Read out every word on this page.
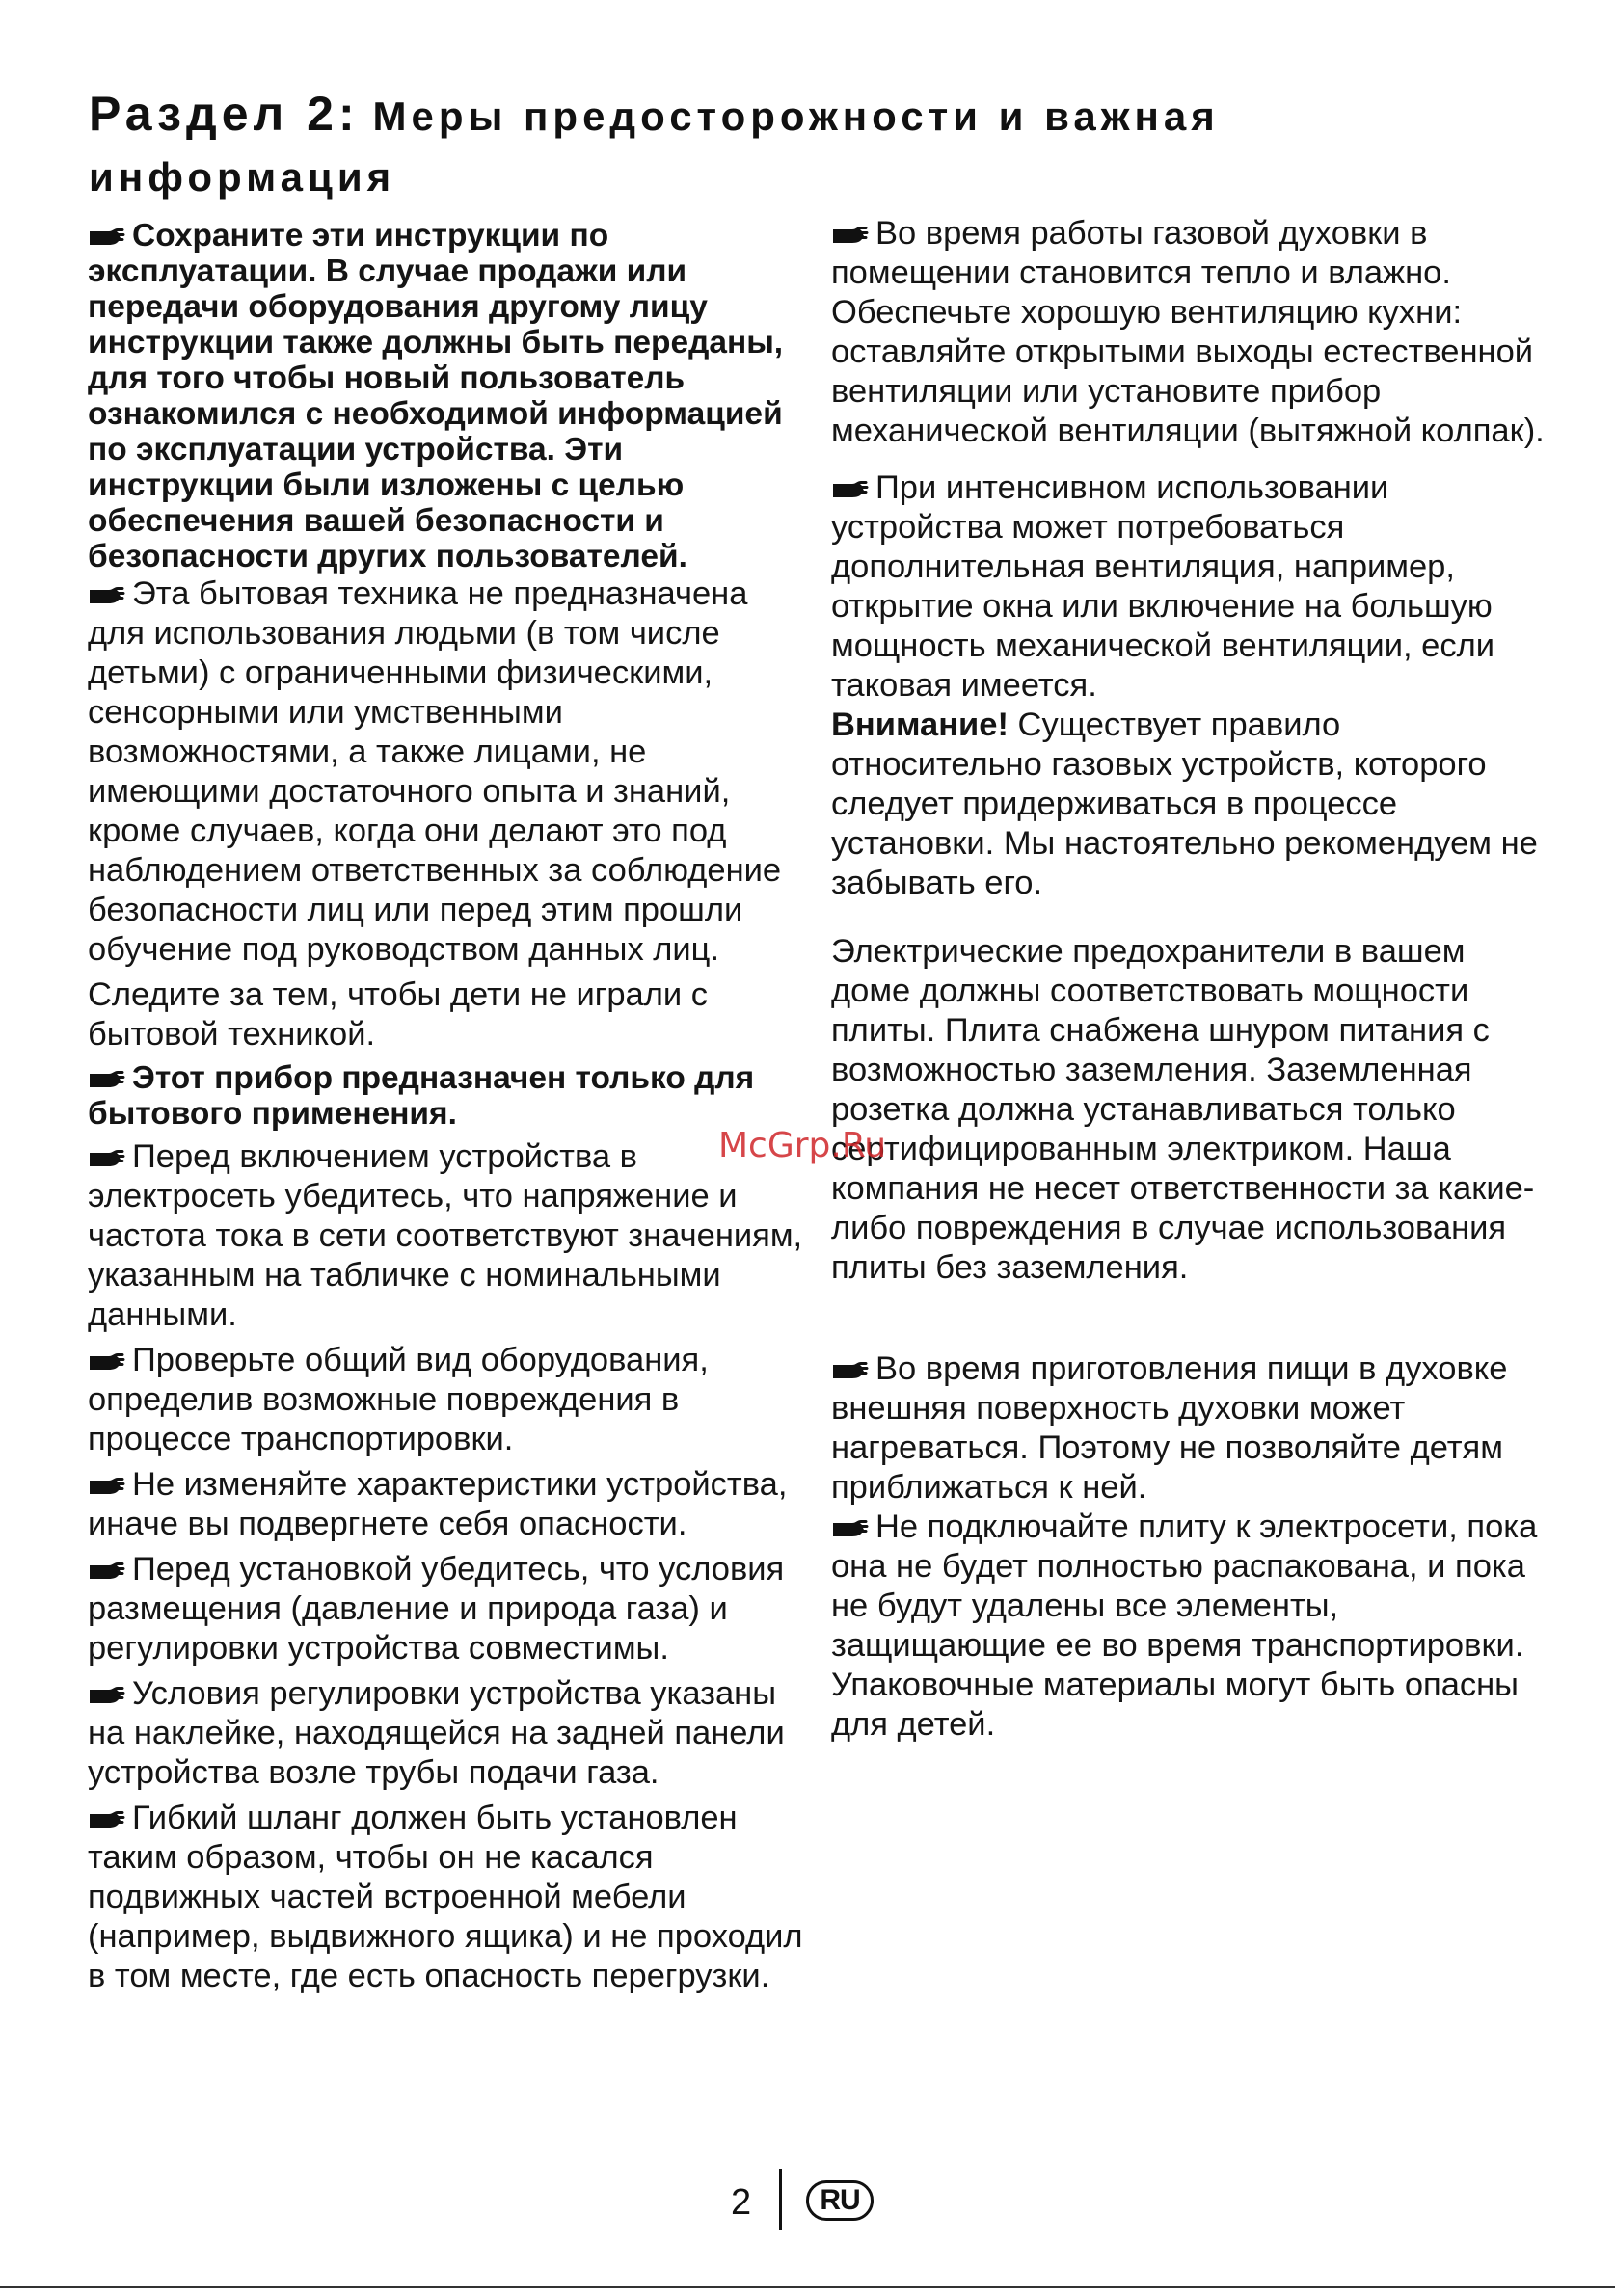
Раздел 2: Меры предосторожности и важная информация

Сохраните эти инструкции по эксплуатации. В случае продажи или передачи оборудования другому лицу инструкции также должны быть переданы, для того чтобы новый пользователь ознакомился с необходимой информацией по эксплуатации устройства. Эти инструкции были изложены с целью обеспечения вашей безопасности и безопасности других пользователей.

Эта бытовая техника не предназначена для использования людьми (в том числе детьми) с ограниченными физическими, сенсорными или умственными возможностями, а также лицами, не имеющими достаточного опыта и знаний, кроме случаев, когда они делают это под наблюдением ответственных за соблюдение безопасности лиц или перед этим прошли обучение под руководством данных лиц.

Следите за тем, чтобы дети не играли с бытовой техникой.

Этот прибор предназначен только для бытового применения.

Перед включением устройства в электросеть убедитесь, что напряжение и частота тока в сети соответствуют значениям, указанным на табличке с номинальными данными.

Проверьте общий вид оборудования, определив возможные повреждения в процессе транспортировки.

Не изменяйте характеристики устройства, иначе вы подвергнете себя опасности.

Перед установкой убедитесь, что условия размещения (давление и природа газа) и регулировки устройства совместимы.

Условия регулировки устройства указаны на наклейке, находящейся на задней панели устройства возле трубы подачи газа.

Гибкий шланг должен быть установлен таким образом, чтобы он не касался подвижных частей встроенной мебели (например, выдвижного ящика) и не проходил в том месте, где есть опасность перегрузки.

Во время работы газовой духовки в помещении становится тепло и влажно. Обеспечьте хорошую вентиляцию кухни: оставляйте открытыми выходы естественной вентиляции или установите прибор механической вентиляции (вытяжной колпак).

При интенсивном использовании устройства может потребоваться дополнительная вентиляция, например, открытие окна или включение на большую мощность механической вентиляции, если таковая имеется.

Внимание! Существует правило относительно газовых устройств, которого следует придерживаться в процессе установки. Мы настоятельно рекомендуем не забывать его.

Электрические предохранители в вашем доме должны соответствовать мощности плиты. Плита снабжена шнуром питания с возможностью заземления. Заземленная розетка должна устанавливаться только сертифицированным электриком. Наша компания не несет ответственности за какие-либо повреждения в случае использования плиты без заземления.

Во время приготовления пищи в духовке внешняя поверхность духовки может нагреваться. Поэтому не позволяйте детям приближаться к ней.

Не подключайте плиту к электросети, пока она не будет полностью распакована, и пока не будут удалены все элементы, защищающие ее во время транспортировки.

Упаковочные материалы могут быть опасны для детей.

McGrp.Ru
2	RU
